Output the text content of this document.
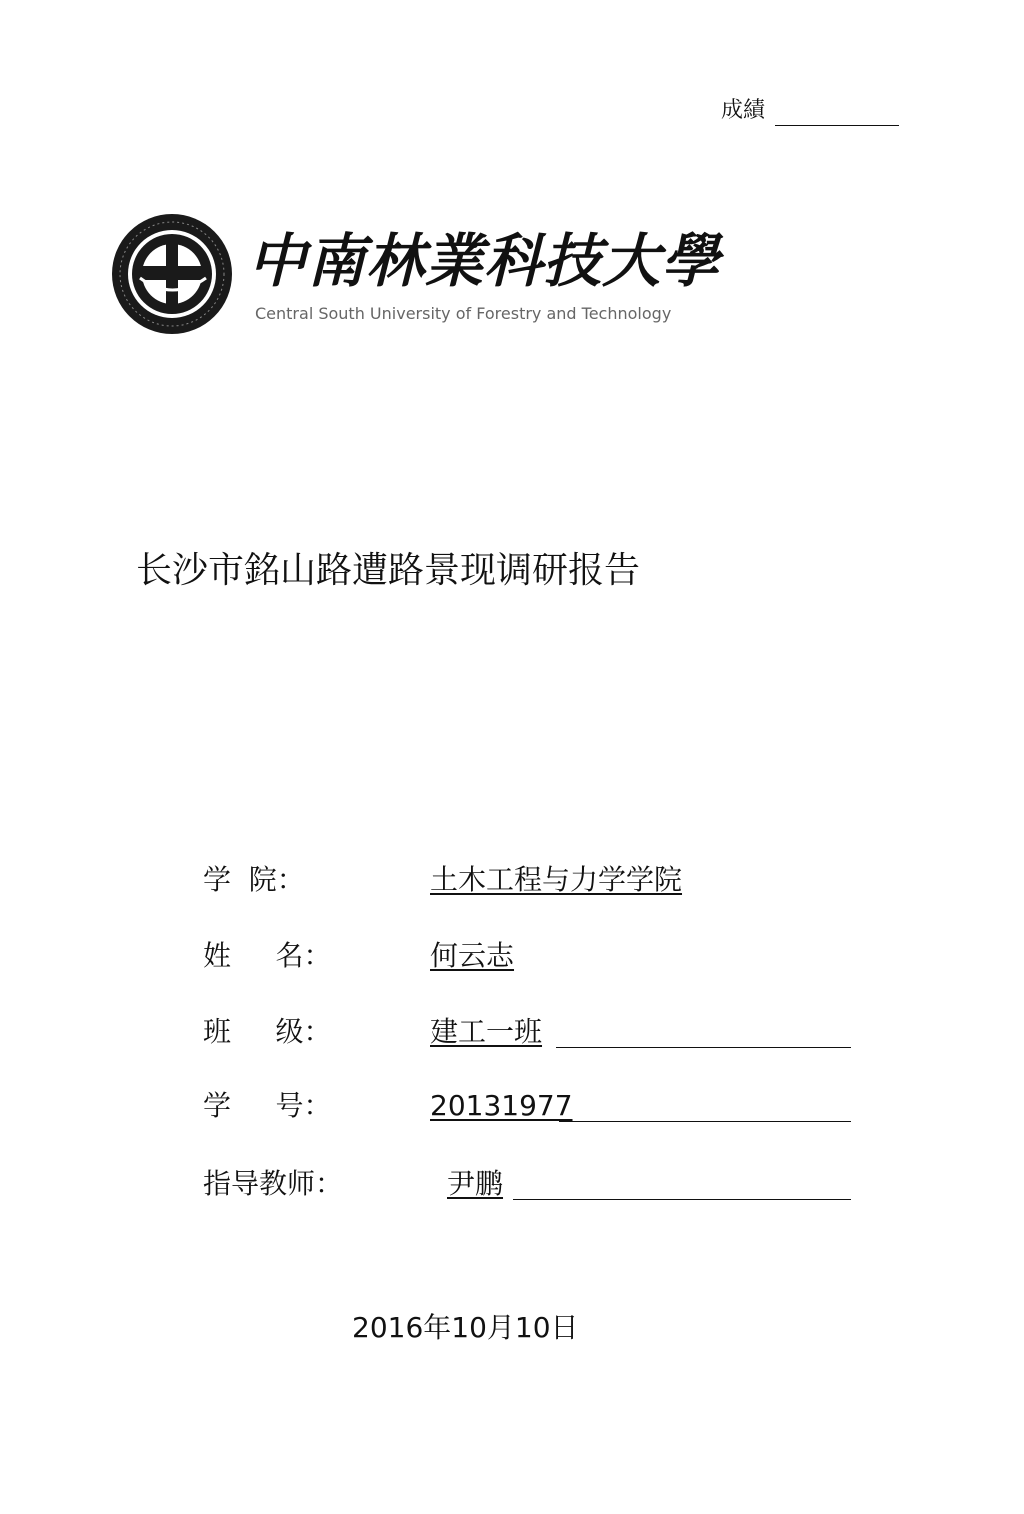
成績
中南林業科技大學
Central South University of Forestry and Technology
长沙市銘山路遭路景现调研报告
学  院：	土木工程与力学学院
姓     名：	何云志
班     级：	建工一班
学     号：	20131977
指导教师：	尹鹏
2016年10月10日
